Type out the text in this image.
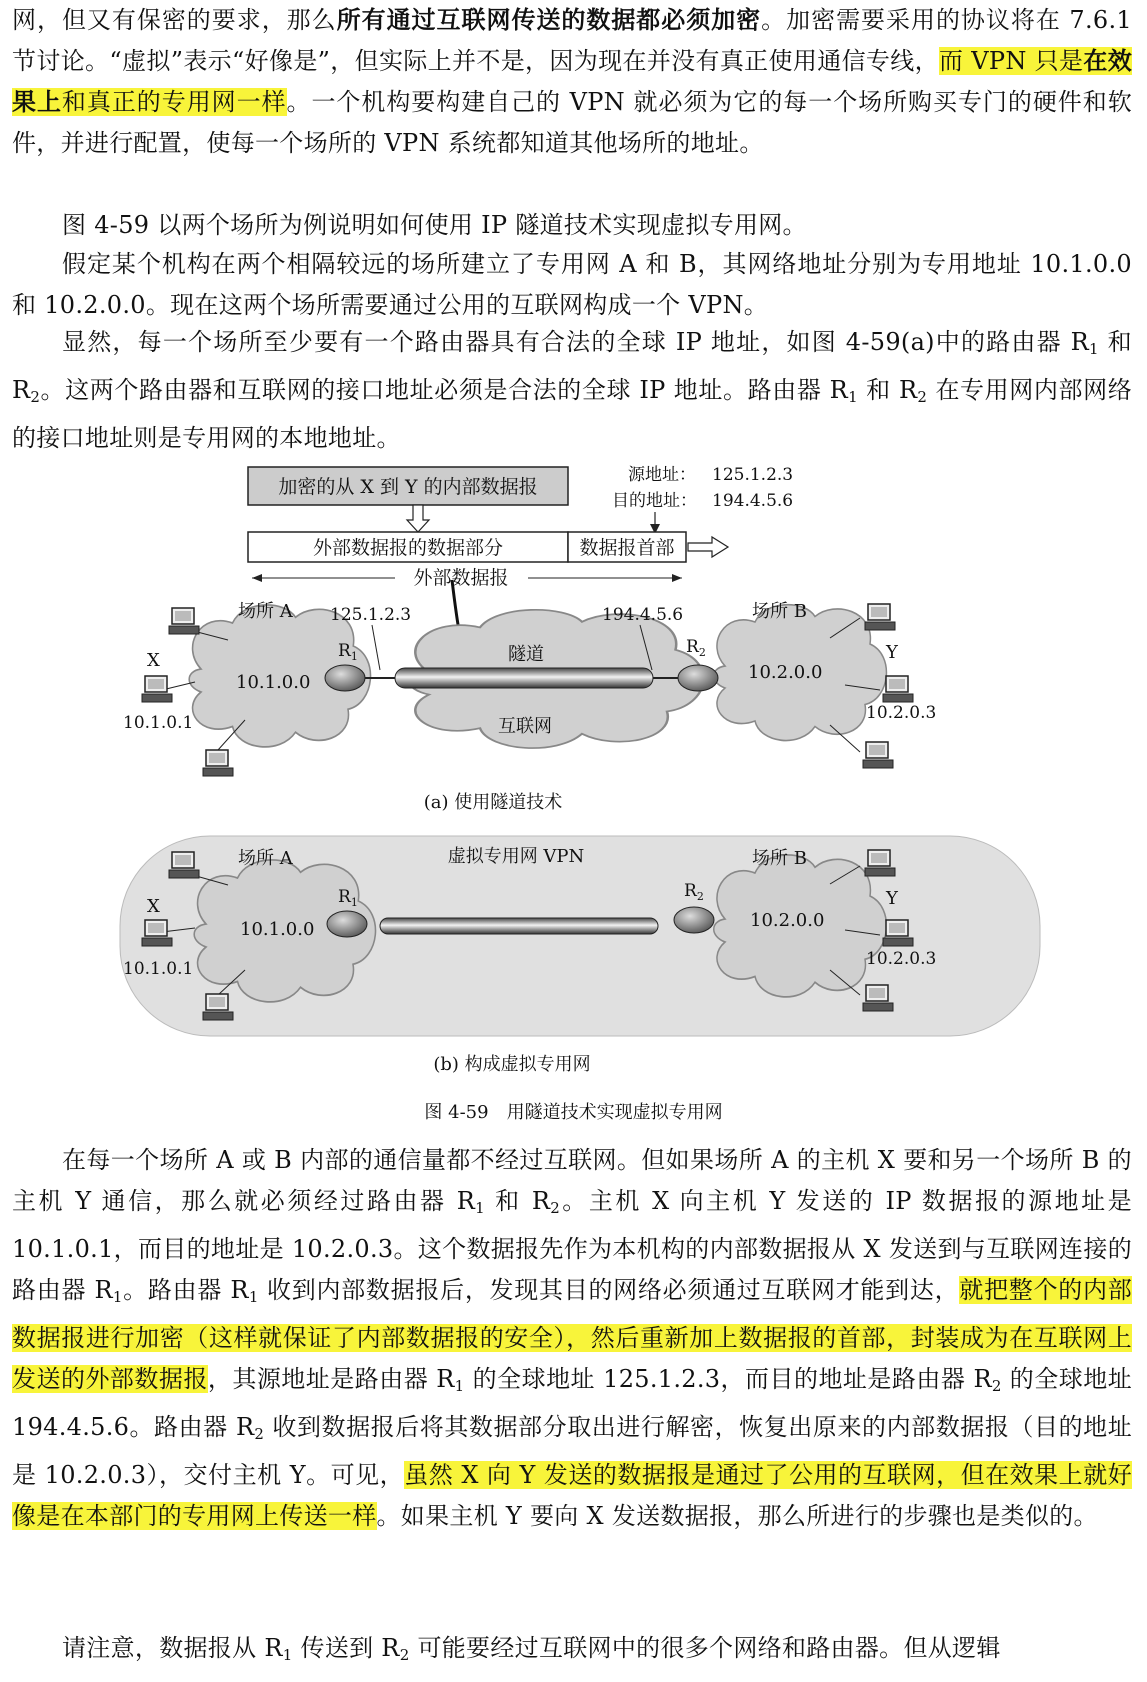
网，但又有保密的要求，那么所有通过互联网传送的数据都必须加密。加密需要采用的协议将在 7.6.1 节讨论。“虚拟”表示“好像是”，但实际上并不是，因为现在并没有真正使用通信专线，而 VPN 只是在效果上和真正的专用网一样。一个机构要构建自己的 VPN 就必须为它的每一个场所购买专门的硬件和软件，并进行配置，使每一个场所的 VPN 系统都知道其他场所的地址。
图 4-59 以两个场所为例说明如何使用 IP 隧道技术实现虚拟专用网。
假定某个机构在两个相隔较远的场所建立了专用网 A 和 B，其网络地址分别为专用地址 10.1.0.0 和 10.2.0.0。现在这两个场所需要通过公用的互联网构成一个 VPN。
显然，每一个场所至少要有一个路由器具有合法的全球 IP 地址，如图 4-59(a)中的路由器 $R_1$ 和 $R_2$。这两个路由器和互联网的接口地址必须是合法的全球 IP 地址。路由器 $R_1$ 和 $R_2$ 在专用网内部网络的接口地址则是专用网的本地地址。
加密的从 X 到 Y 的内部数据报
源地址： 125.1.2.3
目的地址： 194.4.5.6
外部数据报的数据部分	数据报首部
外部数据报
场所 A	场所 B
10.1.0.0	10.2.0.0
125.1.2.3	194.4.5.6
隧道
互联网
$R_1$	$R_2$
X
10.1.0.1
Y
10.2.0.3
(a) 使用隧道技术
场所 A	场所 B
虚拟专用网 VPN
10.1.0.0	10.2.0.0
$R_1$
$R_2$
X
10.1.0.1
Y
10.2.0.3
(b) 构成虚拟专用网
图 4-59　用隧道技术实现虚拟专用网
在每一个场所 A 或 B 内部的通信量都不经过互联网。但如果场所 A 的主机 X 要和另一个场所 B 的主机 Y 通信，那么就必须经过路由器 $R_1$ 和 $R_2$。主机 X 向主机 Y 发送的 IP 数据报的源地址是 10.1.0.1，而目的地址是 10.2.0.3。这个数据报先作为本机构的内部数据报从 X 发送到与互联网连接的路由器 $R_1$。路由器 $R_1$ 收到内部数据报后，发现其目的网络必须通过互联网才能到达，就把整个的内部数据报进行加密（这样就保证了内部数据报的安全），然后重新加上数据报的首部，封装成为在互联网上发送的外部数据报，其源地址是路由器 $R_1$ 的全球地址 125.1.2.3，而目的地址是路由器 $R_2$ 的全球地址 194.4.5.6。路由器 $R_2$ 收到数据报后将其数据部分取出进行解密，恢复出原来的内部数据报（目的地址是 10.2.0.3），交付主机 Y。可见，虽然 X 向 Y 发送的数据报是通过了公用的互联网，但在效果上就好像是在本部门的专用网上传送一样。如果主机 Y 要向 X 发送数据报，那么所进行的步骤也是类似的。
请注意，数据报从 $R_1$ 传送到 $R_2$ 可能要经过互联网中的很多个网络和路由器。但从逻辑
